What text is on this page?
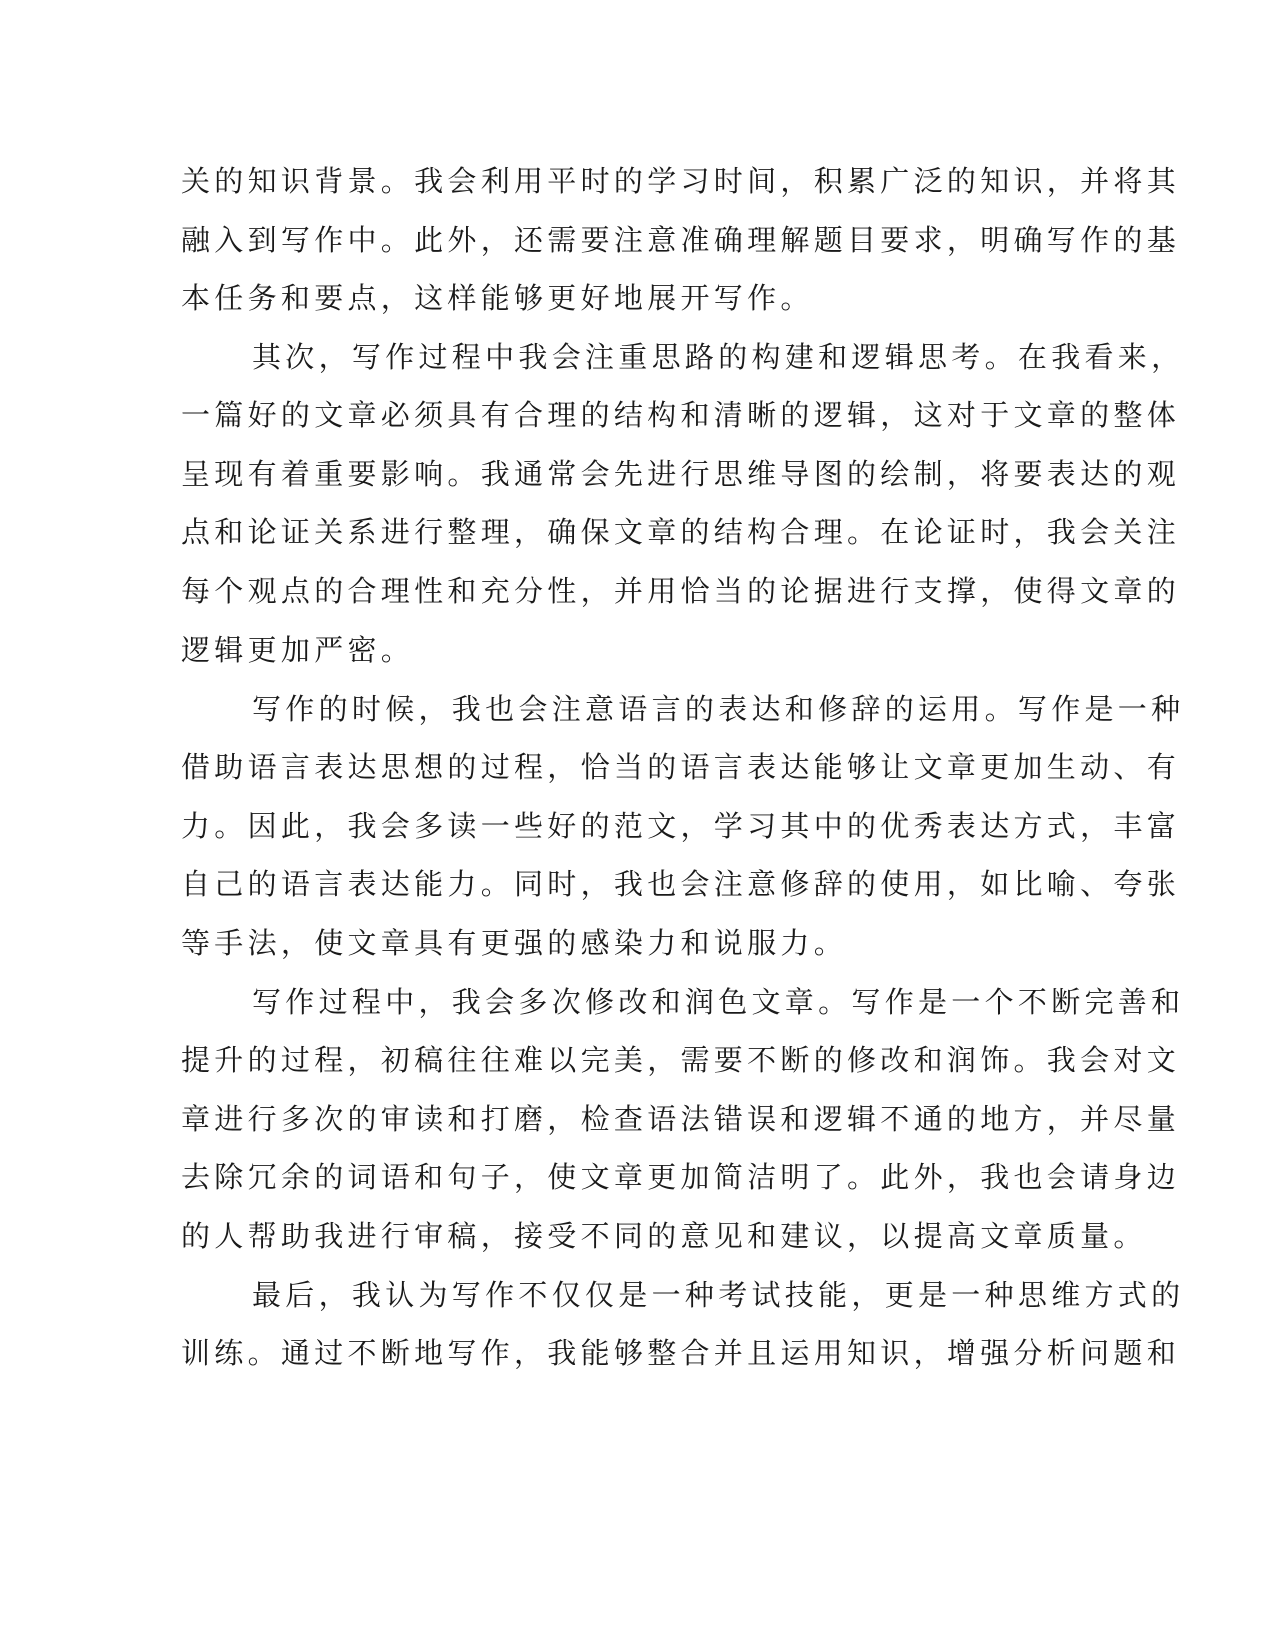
关的知识背景。我会利用平时的学习时间，积累广泛的知识，并将其
融入到写作中。此外，还需要注意准确理解题目要求，明确写作的基
本任务和要点，这样能够更好地展开写作。
其次，写作过程中我会注重思路的构建和逻辑思考。在我看来，
一篇好的文章必须具有合理的结构和清晰的逻辑，这对于文章的整体
呈现有着重要影响。我通常会先进行思维导图的绘制，将要表达的观
点和论证关系进行整理，确保文章的结构合理。在论证时，我会关注
每个观点的合理性和充分性，并用恰当的论据进行支撑，使得文章的
逻辑更加严密。
写作的时候，我也会注意语言的表达和修辞的运用。写作是一种
借助语言表达思想的过程，恰当的语言表达能够让文章更加生动、有
力。因此，我会多读一些好的范文，学习其中的优秀表达方式，丰富
自己的语言表达能力。同时，我也会注意修辞的使用，如比喻、夸张
等手法，使文章具有更强的感染力和说服力。
写作过程中，我会多次修改和润色文章。写作是一个不断完善和
提升的过程，初稿往往难以完美，需要不断的修改和润饰。我会对文
章进行多次的审读和打磨，检查语法错误和逻辑不通的地方，并尽量
去除冗余的词语和句子，使文章更加简洁明了。此外，我也会请身边
的人帮助我进行审稿，接受不同的意见和建议，以提高文章质量。
最后，我认为写作不仅仅是一种考试技能，更是一种思维方式的
训练。通过不断地写作，我能够整合并且运用知识，增强分析问题和
